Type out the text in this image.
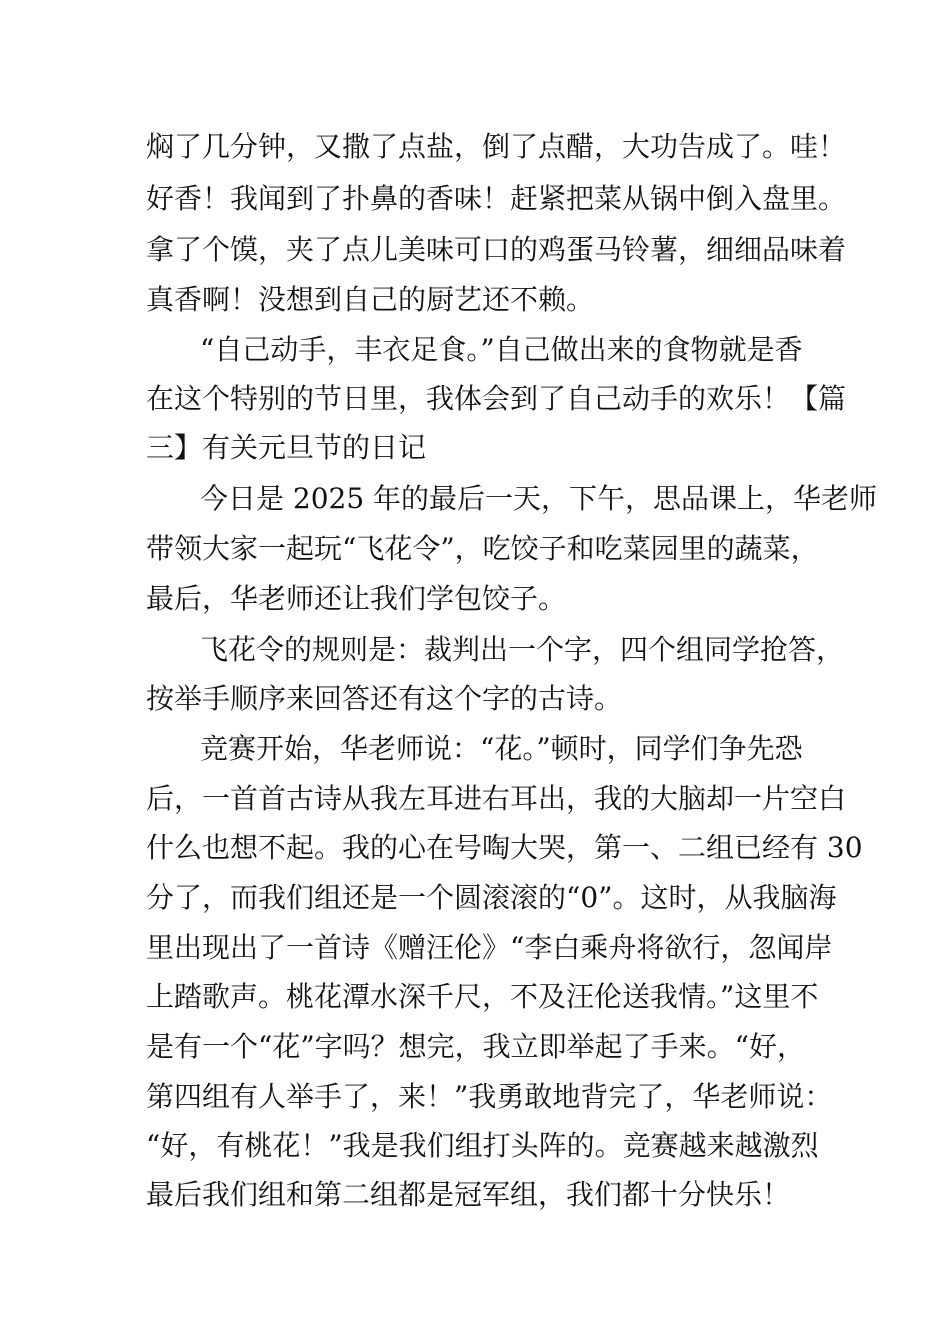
焖了几分钟，又撒了点盐，倒了点醋，大功告成了。哇！
好香！我闻到了扑鼻的香味！赶紧把菜从锅中倒入盘里。
拿了个馍，夹了点儿美味可口的鸡蛋马铃薯，细细品味着
真香啊！没想到自己的厨艺还不赖。
“自己动手，丰衣足食。”自己做出来的食物就是香
在这个特别的节日里，我体会到了自己动手的欢乐！【篇
三】有关元旦节的日记
今日是 2025 年的最后一天，下午，思品课上，华老师
带领大家一起玩“飞花令”，吃饺子和吃菜园里的蔬菜，
最后，华老师还让我们学包饺子。
飞花令的规则是：裁判出一个字，四个组同学抢答，
按举手顺序来回答还有这个字的古诗。
竞赛开始，华老师说：“花。”顿时，同学们争先恐
后，一首首古诗从我左耳进右耳出，我的大脑却一片空白
什么也想不起。我的心在号啕大哭，第一、二组已经有 30
分了，而我们组还是一个圆滚滚的“0”。这时，从我脑海
里出现出了一首诗《赠汪伦》“李白乘舟将欲行，忽闻岸
上踏歌声。桃花潭水深千尺，不及汪伦送我情。”这里不
是有一个“花”字吗？想完，我立即举起了手来。“好，
第四组有人举手了，来！”我勇敢地背完了，华老师说：
“好，有桃花！”我是我们组打头阵的。竞赛越来越激烈
最后我们组和第二组都是冠军组，我们都十分快乐！
